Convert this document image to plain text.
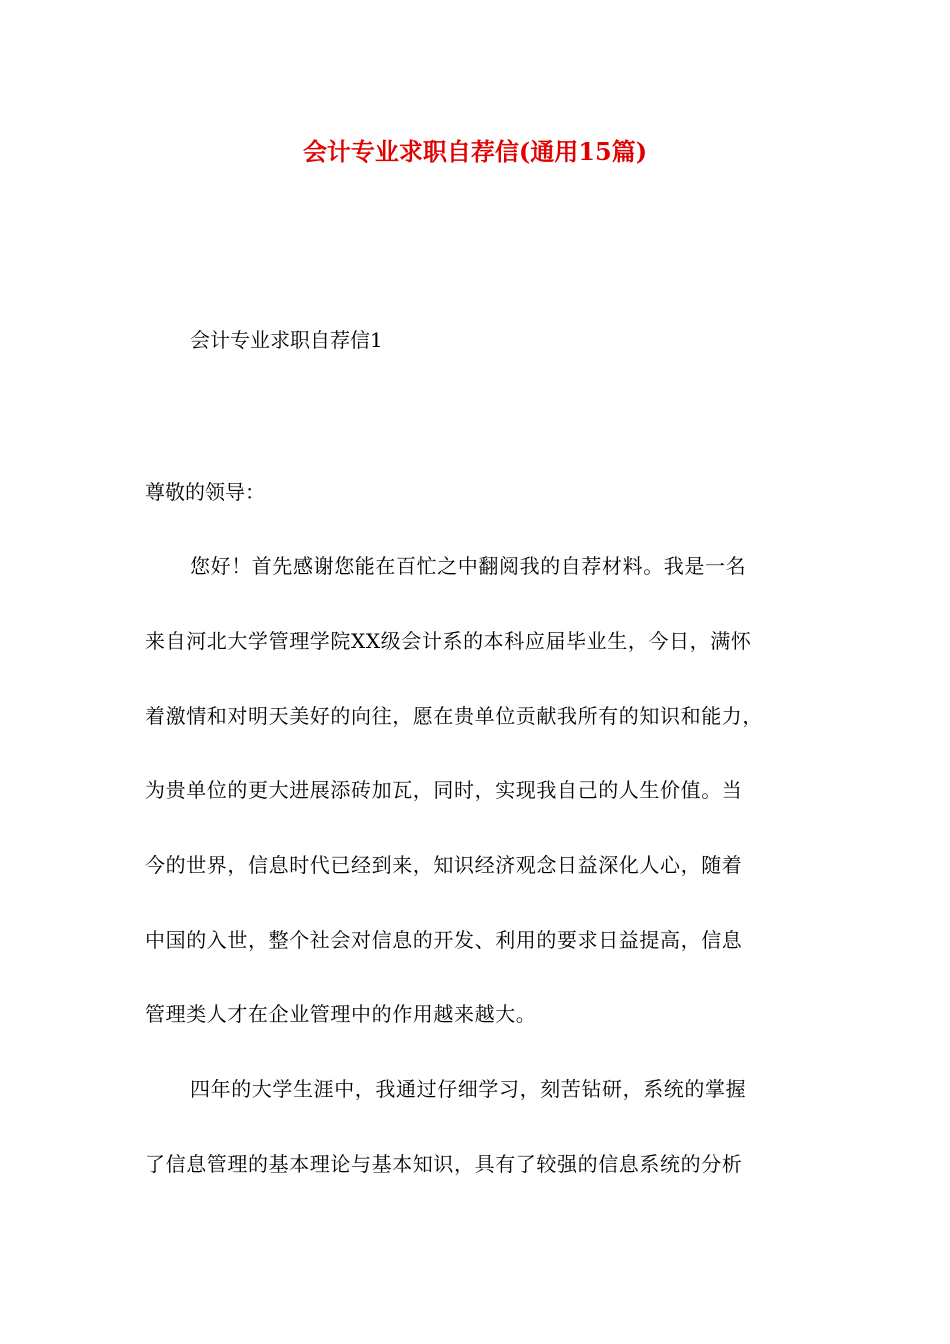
会计专业求职自荐信(通用15篇)
会计专业求职自荐信1
尊敬的领导：
您好！首先感谢您能在百忙之中翻阅我的自荐材料。我是一名
来自河北大学管理学院XX级会计系的本科应届毕业生，今日，满怀
着激情和对明天美好的向往，愿在贵单位贡献我所有的知识和能力，
为贵单位的更大进展添砖加瓦，同时，实现我自己的人生价值。当
今的世界，信息时代已经到来，知识经济观念日益深化人心，随着
中国的入世，整个社会对信息的开发、利用的要求日益提高，信息
管理类人才在企业管理中的作用越来越大。
四年的大学生涯中，我通过仔细学习，刻苦钻研，系统的掌握
了信息管理的基本理论与基本知识，具有了较强的信息系统的分析
